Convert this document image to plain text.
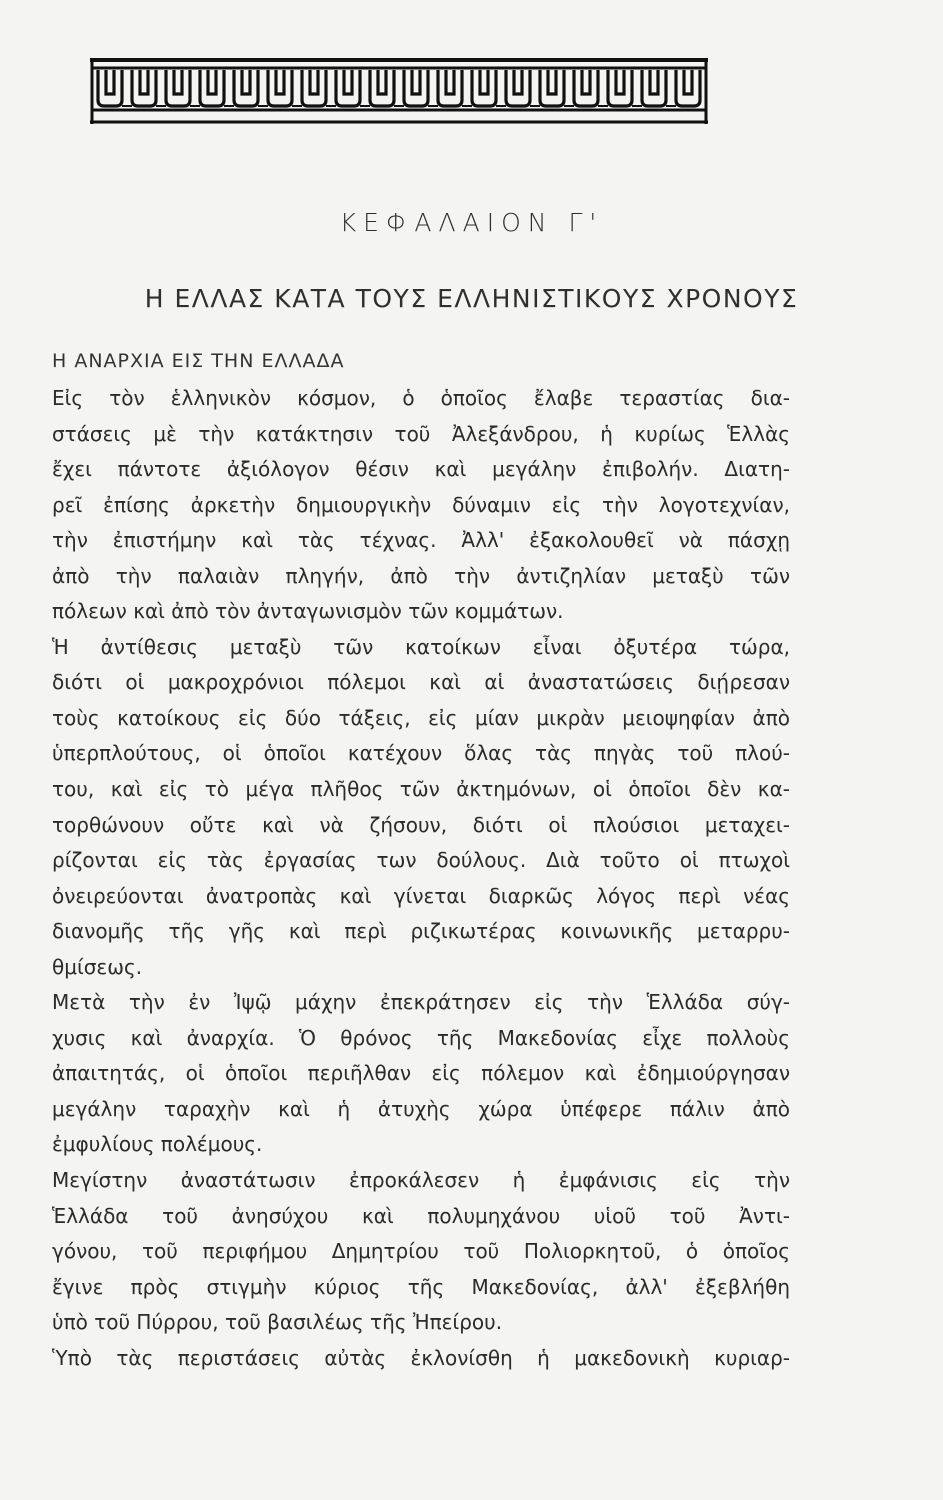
ΚΕΦΑΛΑΙΟΝ Γ'
Η ΕΛΛΑΣ ΚΑΤΑ ΤΟΥΣ ΕΛΛΗΝΙΣΤΙΚΟΥΣ ΧΡΟΝΟΥΣ
Η ΑΝΑΡΧΙΑ ΕΙΣ ΤΗΝ ΕΛΛΑΔΑ
Εἰς τὸν ἑλληνικὸν κόσμον, ὁ ὁποῖος ἔλαβε τεραστίας δια-
στάσεις μὲ τὴν κατάκτησιν τοῦ Ἀλεξάνδρου, ἡ κυρίως Ἑλλὰς
ἔχει πάντοτε ἀξιόλογον θέσιν καὶ μεγάλην ἐπιβολήν. Διατη-
ρεῖ ἐπίσης ἀρκετὴν δημιουργικὴν δύναμιν εἰς τὴν λογοτεχνίαν,
τὴν ἐπιστήμην καὶ τὰς τέχνας. Ἀλλ' ἐξακολουθεῖ νὰ πάσχῃ
ἀπὸ τὴν παλαιὰν πληγήν, ἀπὸ τὴν ἀντιζηλίαν μεταξὺ τῶν
πόλεων καὶ ἀπὸ τὸν ἀνταγωνισμὸν τῶν κομμάτων.
Ἡ ἀντίθεσις μεταξὺ τῶν κατοίκων εἶναι ὀξυτέρα τώρα,
διότι οἱ μακροχρόνιοι πόλεμοι καὶ αἱ ἀναστατώσεις διῄρεσαν
τοὺς κατοίκους εἰς δύο τάξεις, εἰς μίαν μικρὰν μειοψηφίαν ἀπὸ
ὑπερπλούτους, οἱ ὁποῖοι κατέχουν ὅλας τὰς πηγὰς τοῦ πλού-
του, καὶ εἰς τὸ μέγα πλῆθος τῶν ἀκτημόνων, οἱ ὁποῖοι δὲν κα-
τορθώνουν οὔτε καὶ νὰ ζήσουν, διότι οἱ πλούσιοι μεταχει-
ρίζονται εἰς τὰς ἐργασίας των δούλους. Διὰ τοῦτο οἱ πτωχοὶ
ὀνειρεύονται ἀνατροπὰς καὶ γίνεται διαρκῶς λόγος περὶ νέας
διανομῆς τῆς γῆς καὶ περὶ ριζικωτέρας κοινωνικῆς μεταρρυ-
θμίσεως.
Μετὰ τὴν ἐν Ἰψῷ μάχην ἐπεκράτησεν εἰς τὴν Ἑλλάδα σύγ-
χυσις καὶ ἀναρχία. Ὁ θρόνος τῆς Μακεδονίας εἶχε πολλοὺς
ἀπαιτητάς, οἱ ὁποῖοι περιῆλθαν εἰς πόλεμον καὶ ἐδημιούργησαν
μεγάλην ταραχὴν καὶ ἡ ἀτυχὴς χώρα ὑπέφερε πάλιν ἀπὸ
ἐμφυλίους πολέμους.
Μεγίστην ἀναστάτωσιν ἐπροκάλεσεν ἡ ἐμφάνισις εἰς τὴν
Ἑλλάδα τοῦ ἀνησύχου καὶ πολυμηχάνου υἱοῦ τοῦ Ἀντι-
γόνου, τοῦ περιφήμου Δημητρίου τοῦ Πολιορκητοῦ, ὁ ὁποῖος
ἔγινε πρὸς στιγμὴν κύριος τῆς Μακεδονίας, ἀλλ' ἐξεβλήθη
ὑπὸ τοῦ Πύρρου, τοῦ βασιλέως τῆς Ἠπείρου.
Ὑπὸ τὰς περιστάσεις αὐτὰς ἐκλονίσθη ἡ μακεδονικὴ κυριαρ-
